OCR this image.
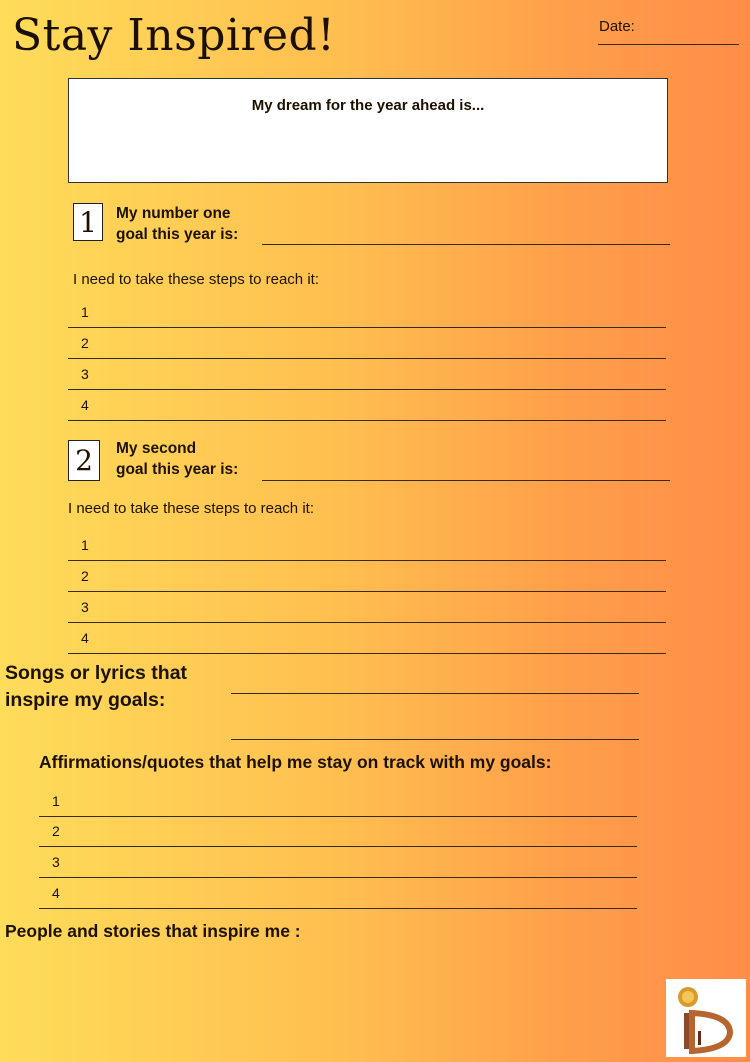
Stay Inspired!	Date:
My dream for the year ahead is...
1	My number one
goal this year is:
I need to take these steps to reach it:
1
2
3
4
2	My second
goal this year is:
I need to take these steps to reach it:
1
2
3
4
Songs or lyrics that
inspire my goals:
Affirmations/quotes that help me stay on track with my goals:
1
2
3
4
People and stories that inspire me :
